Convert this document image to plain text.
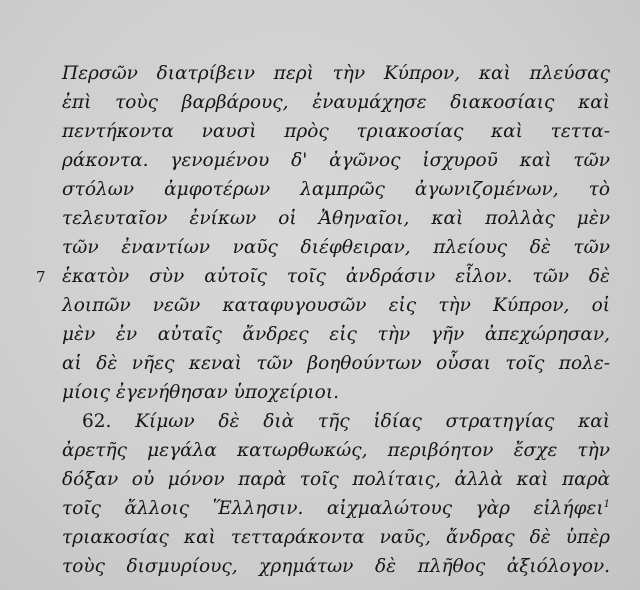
Περσῶν διατρίβειν περὶ τὴν Κύπρον, καὶ πλεύσας
ἐπὶ τοὺς βαρβάρους, ἐναυμάχησε διακοσίαις καὶ
πεντήκοντα ναυσὶ πρὸς τριακοσίας καὶ τεττα-
ράκοντα. γενομένου δ' ἀγῶνος ἰσχυροῦ καὶ τῶν
στόλων ἀμφοτέρων λαμπρῶς ἀγωνιζομένων, τὸ
τελευταῖον ἐνίκων οἱ Ἀθηναῖοι, καὶ πολλὰς μὲν
τῶν ἐναντίων ναῦς διέφθειραν, πλείους δὲ τῶν
7 ἑκατὸν σὺν αὐτοῖς τοῖς ἀνδράσιν εἷλον. τῶν δὲ
λοιπῶν νεῶν καταφυγουσῶν εἰς τὴν Κύπρον, οἱ
μὲν ἐν αὐταῖς ἄνδρες εἰς τὴν γῆν ἀπεχώρησαν,
αἱ δὲ νῆες κεναὶ τῶν βοηθούντων οὖσαι τοῖς πολε-
μίοις ἐγενήθησαν ὑποχείριοι.
62. Κίμων δὲ διὰ τῆς ἰδίας στρατηγίας καὶ
ἀρετῆς μεγάλα κατωρθωκώς, περιβόητον ἔσχε τὴν
δόξαν οὐ μόνον παρὰ τοῖς πολίταις, ἀλλὰ καὶ παρὰ
τοῖς ἄλλοις Ἕλλησιν. αἰχμαλώτους γὰρ εἰλήφει$^1$
τριακοσίας καὶ τετταράκοντα ναῦς, ἄνδρας δὲ ὑπὲρ
τοὺς δισμυρίους, χρημάτων δὲ πλῆθος ἀξιόλογον.
